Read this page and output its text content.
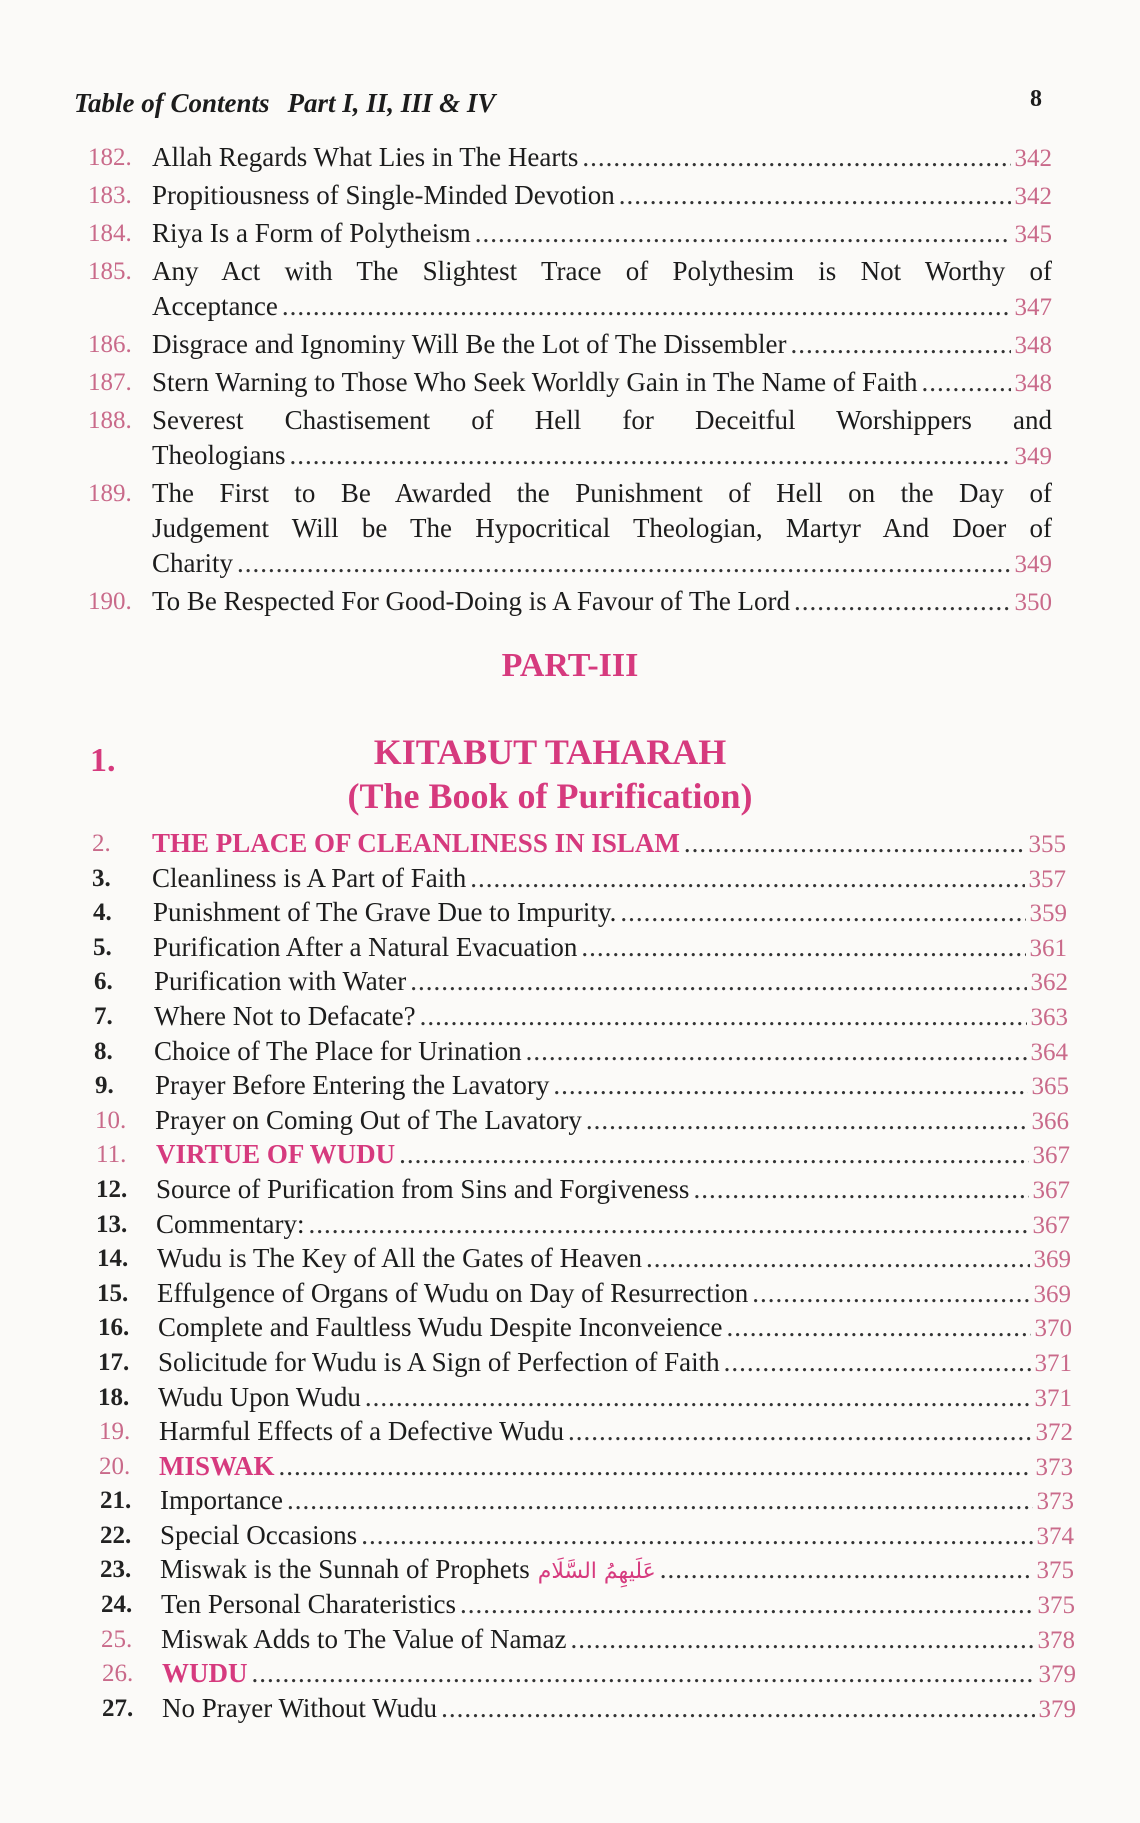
Table of Contents Part I, II, III & IV	8
182. Allah Regards What Lies in The Hearts .....	342
183. Propitiousness of Single-Minded Devotion .....	342
184. Riya Is a Form of Polytheism .....	345
185. Any Act with The Slightest Trace of Polythesim is Not Worthy of
Acceptance .....	347
186. Disgrace and Ignominy Will Be the Lot of The Dissembler .....	348
187. Stern Warning to Those Who Seek Worldly Gain in The Name of Faith .....	348
188. Severest Chastisement of Hell for Deceitful Worshippers and
Theologians .....	349
189. The First to Be Awarded the Punishment of Hell on the Day of
Judgement Will be The Hypocritical Theologian, Martyr And Doer of
Charity .....	349
190. To Be Respected For Good-Doing is A Favour of The Lord .....	350
PART-III
1.	KITABUT TAHARAH
(The Book of Purification)
2.	THE PLACE OF CLEANLINESS IN ISLAM .....	355
3.	Cleanliness is A Part of Faith .....	357
4.	Punishment of The Grave Due to Impurity. .....	359
5.	Purification After a Natural Evacuation .....	361
6.	Purification with Water .....	362
7.	Where Not to Defacate? .....	363
8.	Choice of The Place for Urination .....	364
9.	Prayer Before Entering the Lavatory .....	365
10.	Prayer on Coming Out of The Lavatory .....	366
11.	VIRTUE OF WUDU .....	367
12.	Source of Purification from Sins and Forgiveness .....	367
13.	Commentary: .....	367
14.	Wudu is The Key of All the Gates of Heaven .....	369
15.	Effulgence of Organs of Wudu on Day of Resurrection .....	369
16.	Complete and Faultless Wudu Despite Inconveience .....	370
17.	Solicitude for Wudu is A Sign of Perfection of Faith .....	371
18.	Wudu Upon Wudu .....	371
19.	Harmful Effects of a Defective Wudu .....	372
20.	MISWAK .....	373
21.	Importance .....	373
22.	Special Occasions .....	374
23.	Miswak is the Sunnah of Prophets عَلَيهِمُ السَّلَام .....	375
24.	Ten Personal Charateristics .....	375
25.	Miswak Adds to The Value of Namaz .....	378
26.	WUDU .....	379
27.	No Prayer Without Wudu .....	379
